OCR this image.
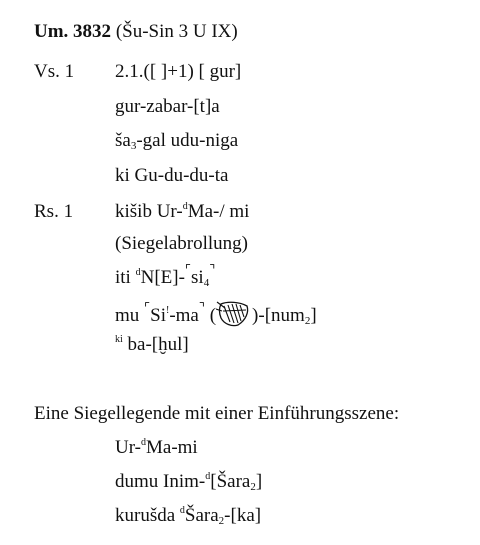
Um. 3832 (Šu-Sin 3 U IX)
Vs. 1 2.1.([ ]+1) [ gur]
gur-zabar-[t]a
$ša_3$-gal udu-niga
ki Gu-du-du-ta
Rs. 1 kišib Ur-$^d$Ma-/ mi
(Siegelabrollung)
iti $^dN[E]-^⌜si_4^⌝$
mu ⌜Si!-ma⌝ ( )-[num$_2$]
$^{ki}$ ba-[ḫul]
Eine Siegellegende mit einer Einführungsszene:
Ur-$^d$Ma-mi
dumu Inim-$^d$[Šara$_2$]
kurušda $^d$Šara$_2$-[ka]
